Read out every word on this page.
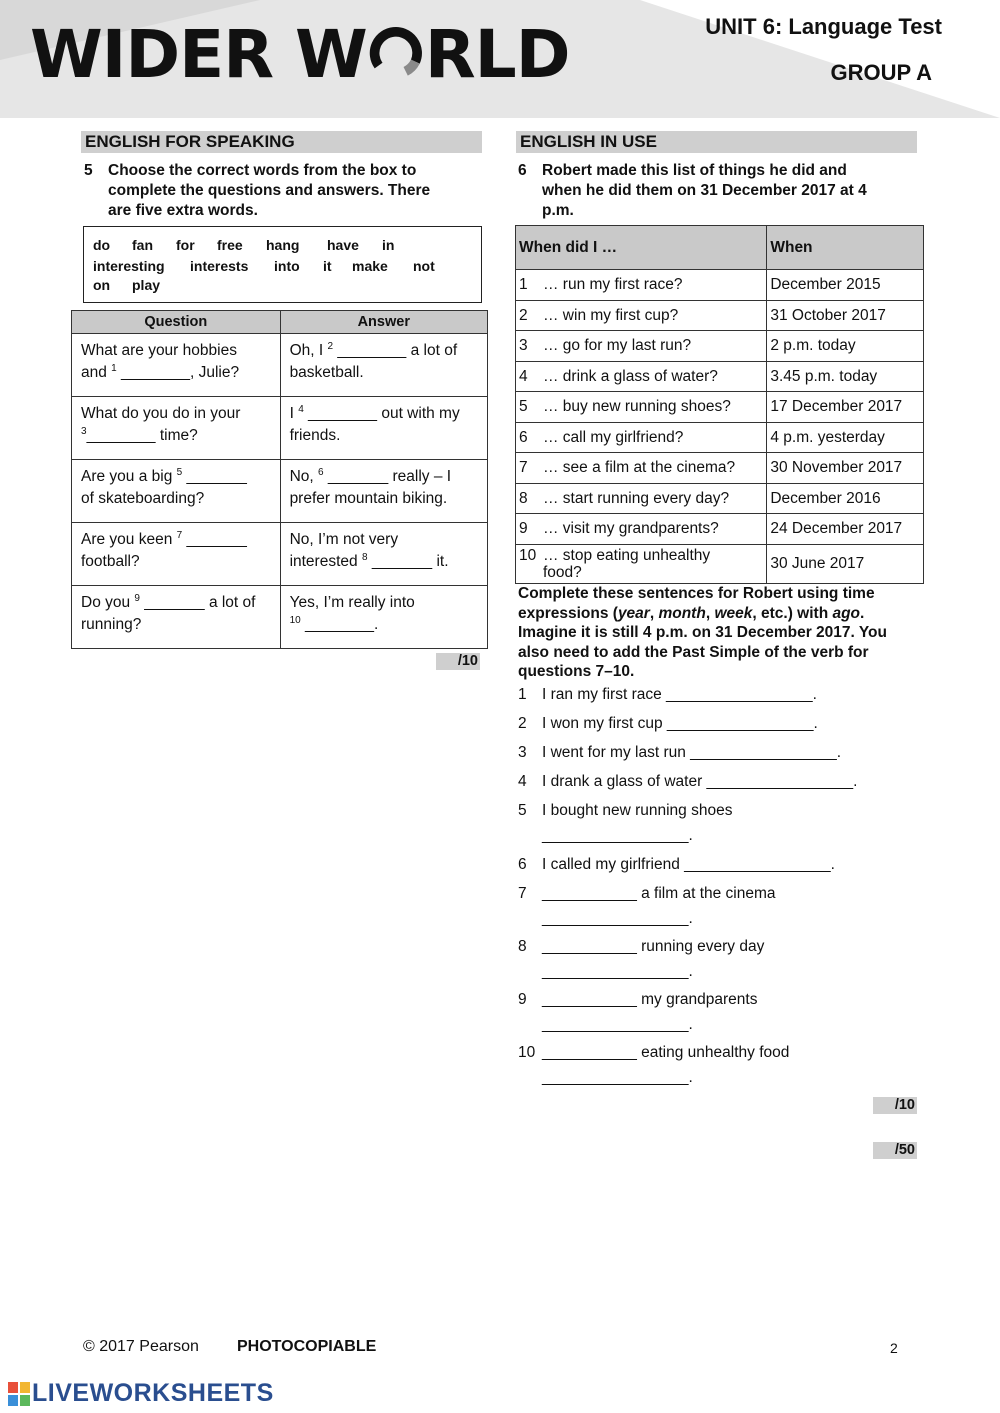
WIDER W RLD	UNIT 6: Language Test
GROUP A
ENGLISH FOR SPEAKING
5 Choose the correct words from the box to
complete the questions and answers. There
are five extra words.
do fan for free hang have in
interesting interests into it make not
on play
Question	Answer
What are your hobbies
and $^1$ ________, Julie?	Oh, I $^2$ ________ a lot of
basketball.
What do you do in your
$^3$________ time?	I $^4$ ________ out with my
friends.
Are you a big $^5$ _______
of skateboarding?	No, $^6$ _______ really – I
prefer mountain biking.
Are you keen $^7$ _______
football?	No, I’m not very
interested $^8$ _______ it.
Do you $^9$ _______ a lot of
running?	Yes, I’m really into
$^{10}$ ________.
/10
ENGLISH IN USE
6 Robert made this list of things he did and
when he did them on 31 December 2017 at 4
p.m.
When did I …	When
1 … run my first race?	December 2015
2 … win my first cup?	31 October 2017
3 … go for my last run?	2 p.m. today
4 … drink a glass of water?	3.45 p.m. today
5 … buy new running shoes?	17 December 2017
6 … call my girlfriend?	4 p.m. yesterday
7 … see a film at the cinema?	30 November 2017
8 … start running every day?	December 2016
9 … visit my grandparents?	24 December 2017
10 … stop eating unhealthy
food?	30 June 2017
Complete these sentences for Robert using time expressions (year, month, week, etc.) with ago. Imagine it is still 4 p.m. on 31 December 2017. You also need to add the Past Simple of the verb for questions 7–10.
1 I ran my first race _________________.
2 I won my first cup _________________.
3 I went for my last run _________________.
4 I drank a glass of water _________________.
5 I bought new running shoes
_________________.
6 I called my girlfriend _________________.
7 ___________ a film at the cinema
_________________.
8 ___________ running every day
_________________.
9 ___________ my grandparents
_________________.
10 ___________ eating unhealthy food
_________________.
/10
/50
© 2017 Pearson PHOTOCOPIABLE	2
LIVEWORKSHEETS
